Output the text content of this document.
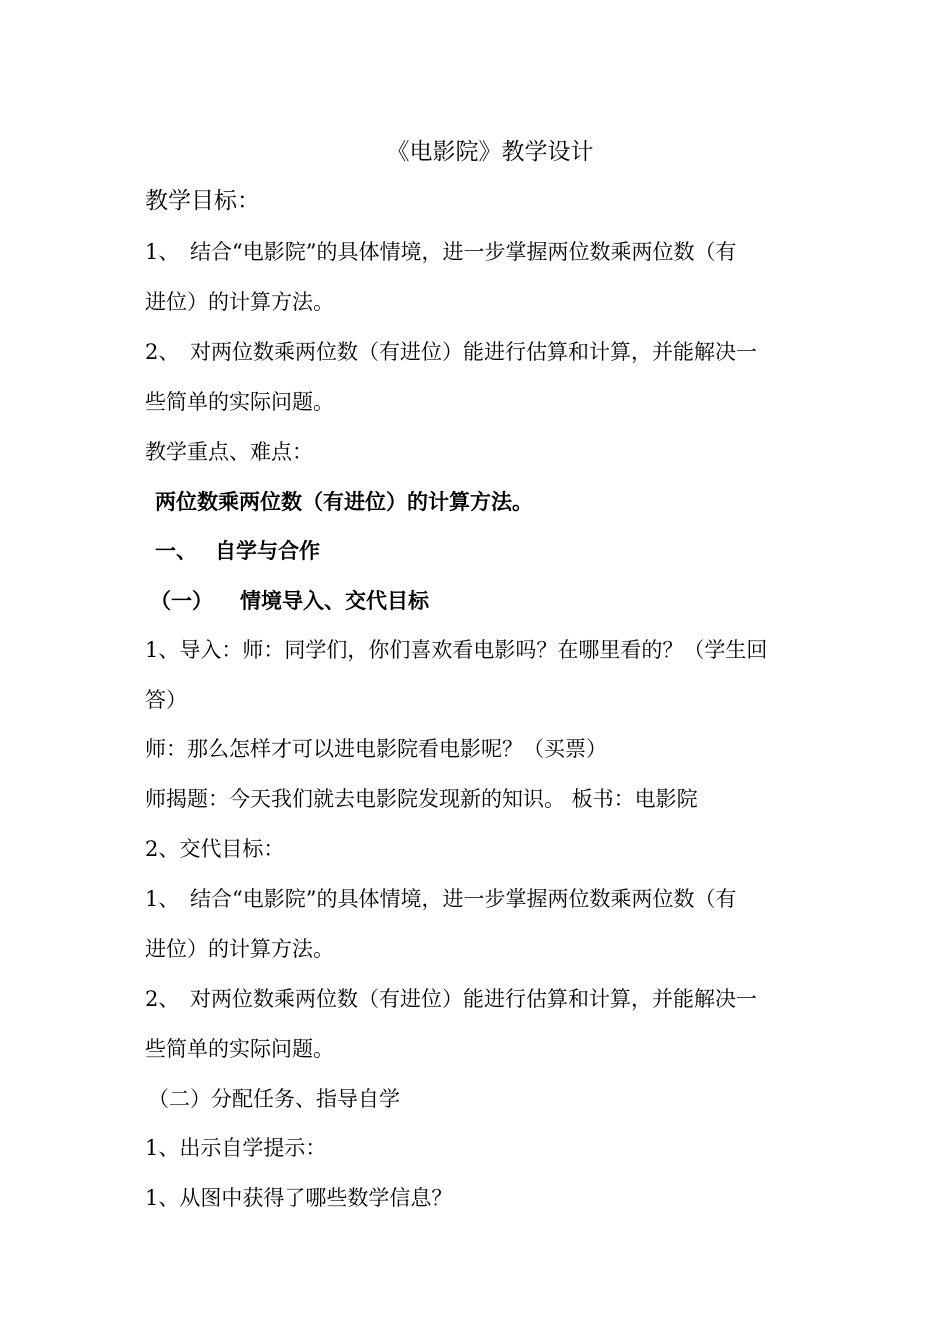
《电影院》教学设计
教学目标：
1、 结合“电影院”的具体情境，进一步掌握两位数乘两位数（有
进位）的计算方法。
2、 对两位数乘两位数（有进位）能进行估算和计算，并能解决一
些简单的实际问题。
教学重点、难点：
两位数乘两位数（有进位）的计算方法。
一、 自学与合作
（一） 情境导入、交代目标
1、导入：师：同学们，你们喜欢看电影吗？在哪里看的？（学生回
答）
师：那么怎样才可以进电影院看电影呢？（买票）
师揭题：今天我们就去电影院发现新的知识。 板书：电影院
2、交代目标：
1、 结合“电影院”的具体情境，进一步掌握两位数乘两位数（有
进位）的计算方法。
2、 对两位数乘两位数（有进位）能进行估算和计算，并能解决一
些简单的实际问题。
（二）分配任务、指导自学
1、出示自学提示：
1、从图中获得了哪些数学信息？
